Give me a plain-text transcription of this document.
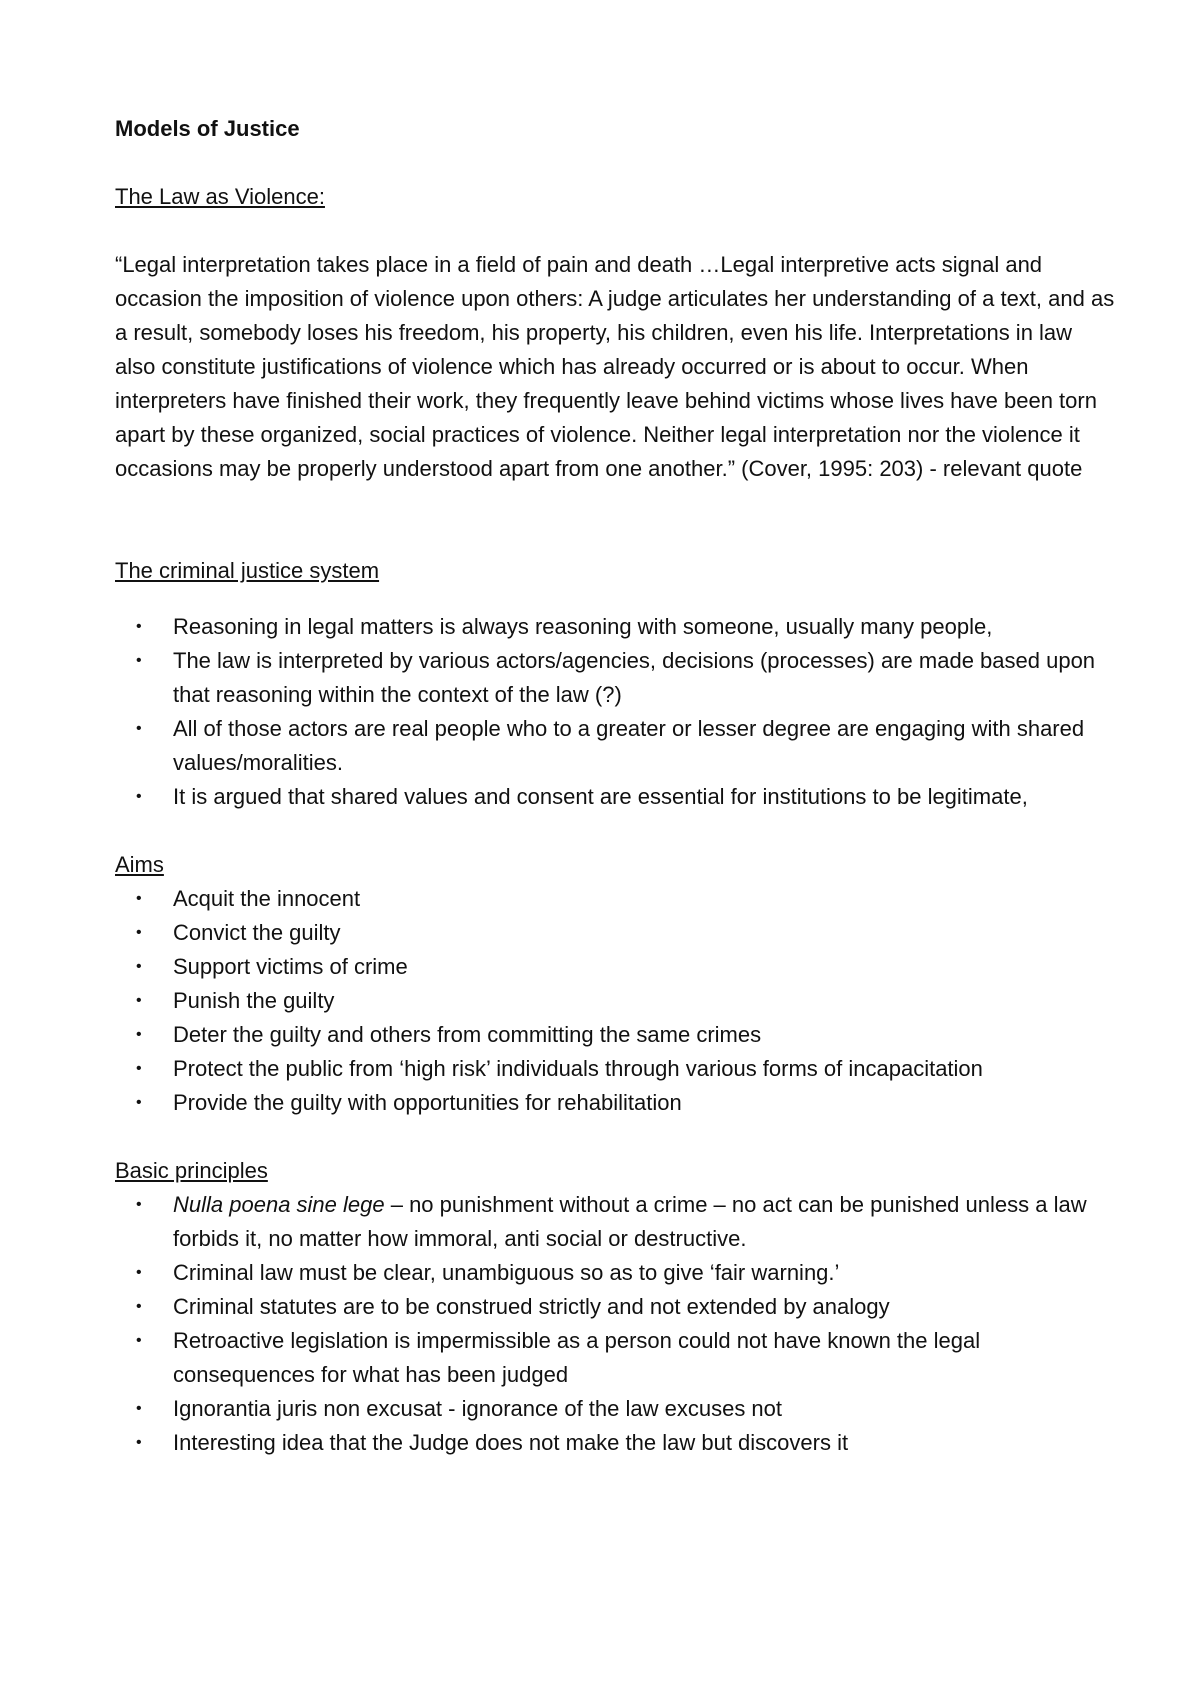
Models of Justice

The Law as Violence:

“Legal interpretation takes place in a field of pain and death …Legal interpretive acts signal and occasion the imposition of violence upon others: A judge articulates her understanding of a text, and as a result, somebody loses his freedom, his property, his children, even his life. Interpretations in law also constitute justifications of violence which has already occurred or is about to occur. When interpreters have finished their work, they frequently leave behind victims whose lives have been torn apart by these organized, social practices of violence. Neither legal interpretation nor the violence it occasions may be properly understood apart from one another.” (Cover, 1995: 203) - relevant quote

The criminal justice system

• Reasoning in legal matters is always reasoning with someone, usually many people,
• The law is interpreted by various actors/agencies, decisions (processes) are made based upon that reasoning within the context of the law (?)
• All of those actors are real people who to a greater or lesser degree are engaging with shared values/moralities.
• It is argued that shared values and consent are essential for institutions to be legitimate,

Aims

• Acquit the innocent
• Convict the guilty
• Support victims of crime
• Punish the guilty
• Deter the guilty and others from committing the same crimes
• Protect the public from ‘high risk’ individuals through various forms of incapacitation
• Provide the guilty with opportunities for rehabilitation

Basic principles

• Nulla poena sine lege – no punishment without a crime – no act can be punished unless a law forbids it, no matter how immoral, anti social or destructive.
• Criminal law must be clear, unambiguous so as to give ‘fair warning.’
• Criminal statutes are to be construed strictly and not extended by analogy
• Retroactive legislation is impermissible as a person could not have known the legal consequences for what has been judged
• Ignorantia juris non excusat - ignorance of the law excuses not
• Interesting idea that the Judge does not make the law but discovers it
